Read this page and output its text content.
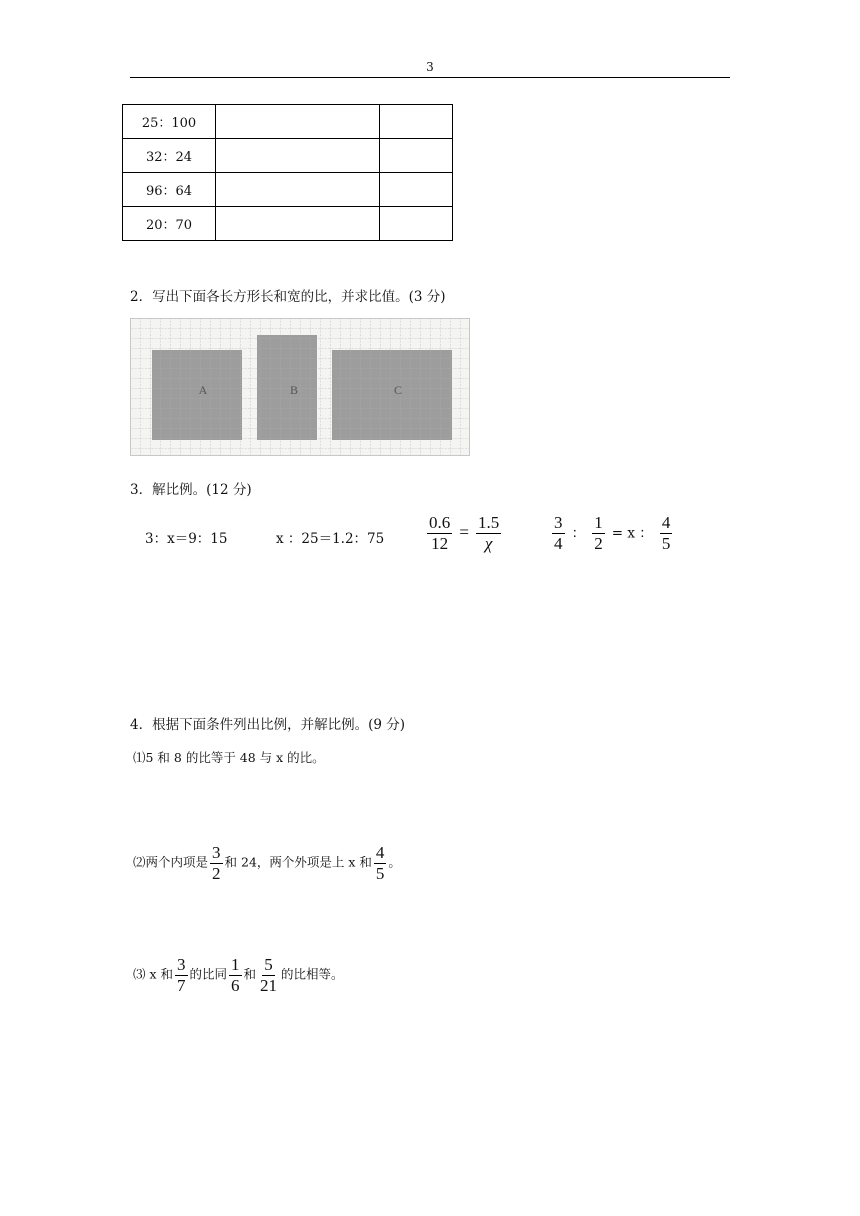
3
25：100		
32：24		
96：64		
20：70		
2．写出下面各长方形长和宽的比，并求比值。(3 分)
A	B	C
3．解比例。(12 分)
3：x＝9：15	x ：25＝1.2：75	$\frac{0.6}{12} = \frac{1.5}{\chi}$	$\frac{3}{4}$ ： $\frac{1}{2} = x$ ： $\frac{4}{5}$
4．根据下面条件列出比例，并解比例。(9 分)
⑴5 和 8 的比等于 48 与 x 的比。
⑵两个内项是 $\frac{3}{2}$ 和 24，两个外项是上 x 和 $\frac{4}{5}$ 。
⑶ x 和 $\frac{3}{7}$ 的比同 $\frac{1}{6}$ 和 $\frac{5}{21}$ 的比相等。
